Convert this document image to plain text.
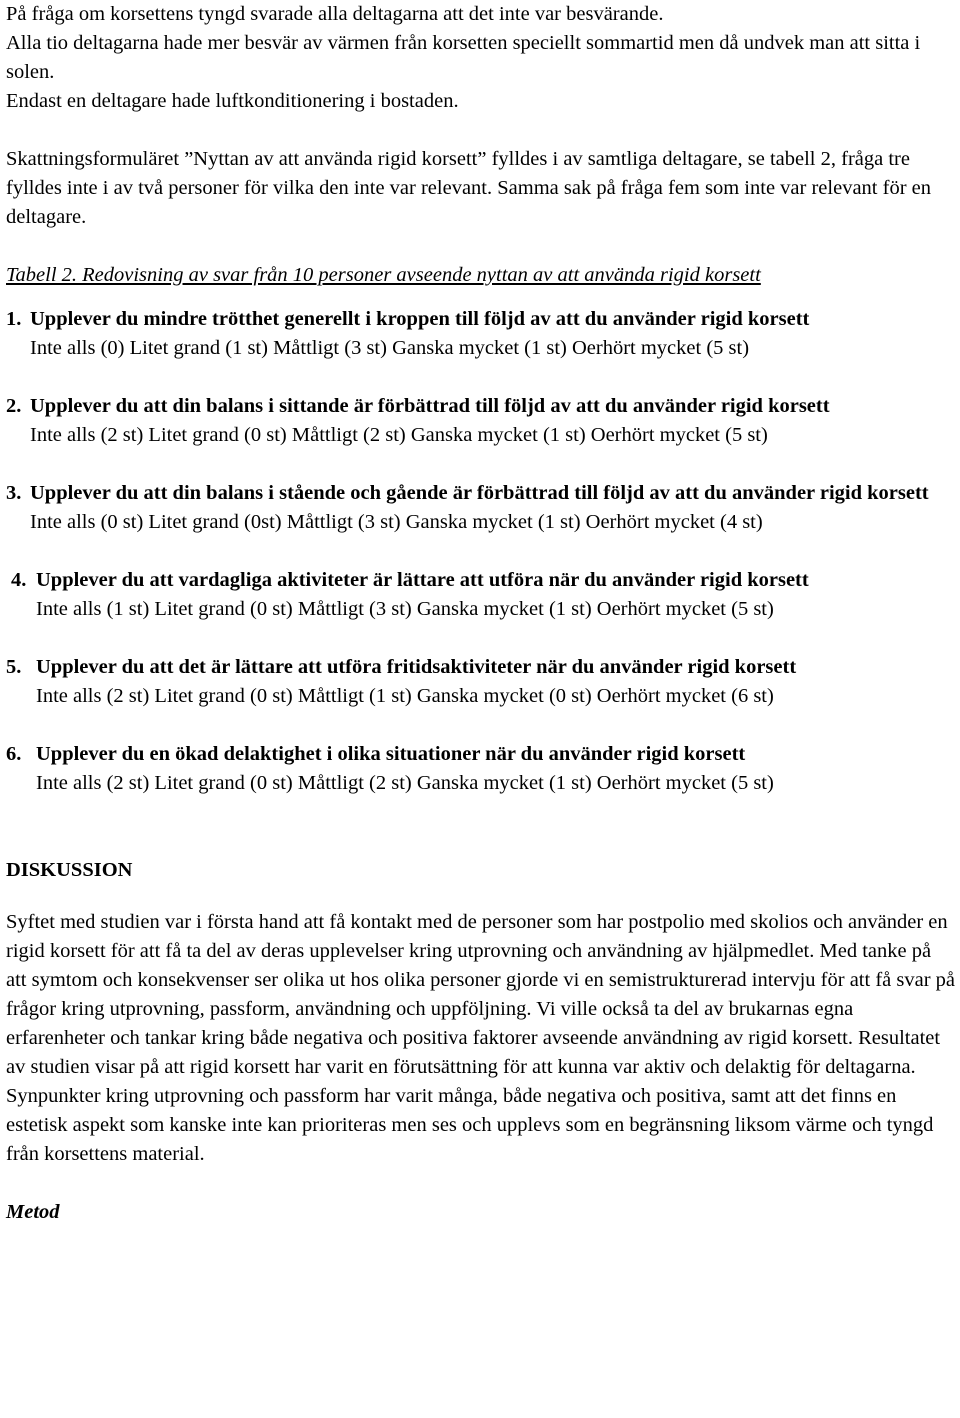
På fråga om korsettens tyngd svarade alla deltagarna att det inte var besvärande.

Alla tio deltagarna hade mer besvär av värmen från korsetten speciellt sommartid men då undvek man att sitta i solen.

Endast en deltagare hade luftkonditionering i bostaden.

Skattningsformuläret ”Nyttan av att använda rigid korsett” fylldes i av samtliga deltagare, se tabell 2, fråga tre fylldes inte i av två personer för vilka den inte var relevant. Samma sak på fråga fem som inte var relevant för en deltagare.

Tabell 2. Redovisning av svar från 10 personer avseende nyttan av att använda rigid korsett

1. Upplever du mindre trötthet generellt i kroppen till följd av att du använder rigid korsett
Inte alls (0) Litet grand (1 st) Måttligt (3 st) Ganska mycket (1 st) Oerhört mycket (5 st)
2. Upplever du att din balans i sittande är förbättrad till följd av att du använder rigid korsett
Inte alls (2 st) Litet grand (0 st) Måttligt (2 st) Ganska mycket (1 st) Oerhört mycket (5 st)
3. Upplever du att din balans i stående och gående är förbättrad till följd av att du använder rigid korsett
Inte alls (0 st) Litet grand (0st) Måttligt (3 st) Ganska mycket (1 st) Oerhört mycket (4 st)
4. Upplever du att vardagliga aktiviteter är lättare att utföra när du använder rigid korsett
Inte alls (1 st) Litet grand (0 st) Måttligt (3 st) Ganska mycket (1 st) Oerhört mycket (5 st)
5. Upplever du att det är lättare att utföra fritidsaktiviteter när du använder rigid korsett
Inte alls (2 st) Litet grand (0 st) Måttligt (1 st) Ganska mycket (0 st) Oerhört mycket (6 st)
6. Upplever du en ökad delaktighet i olika situationer när du använder rigid korsett
Inte alls (2 st) Litet grand (0 st) Måttligt (2 st) Ganska mycket (1 st) Oerhört mycket (5 st)

DISKUSSION

Syftet med studien var i första hand att få kontakt med de personer som har postpolio med skolios och använder en rigid korsett för att få ta del av deras upplevelser kring utprovning och användning av hjälpmedlet. Med tanke på att symtom och konsekvenser ser olika ut hos olika personer gjorde vi en semistrukturerad intervju för att få svar på frågor kring utprovning, passform, användning och uppföljning. Vi ville också ta del av brukarnas egna erfarenheter och tankar kring både negativa och positiva faktorer avseende användning av rigid korsett. Resultatet av studien visar på att rigid korsett har varit en förutsättning för att kunna var aktiv och delaktig för deltagarna. Synpunkter kring utprovning och passform har varit många, både negativa och positiva, samt att det finns en estetisk aspekt som kanske inte kan prioriteras men ses och upplevs som en begränsning liksom värme och tyngd från korsettens material.

Metod
